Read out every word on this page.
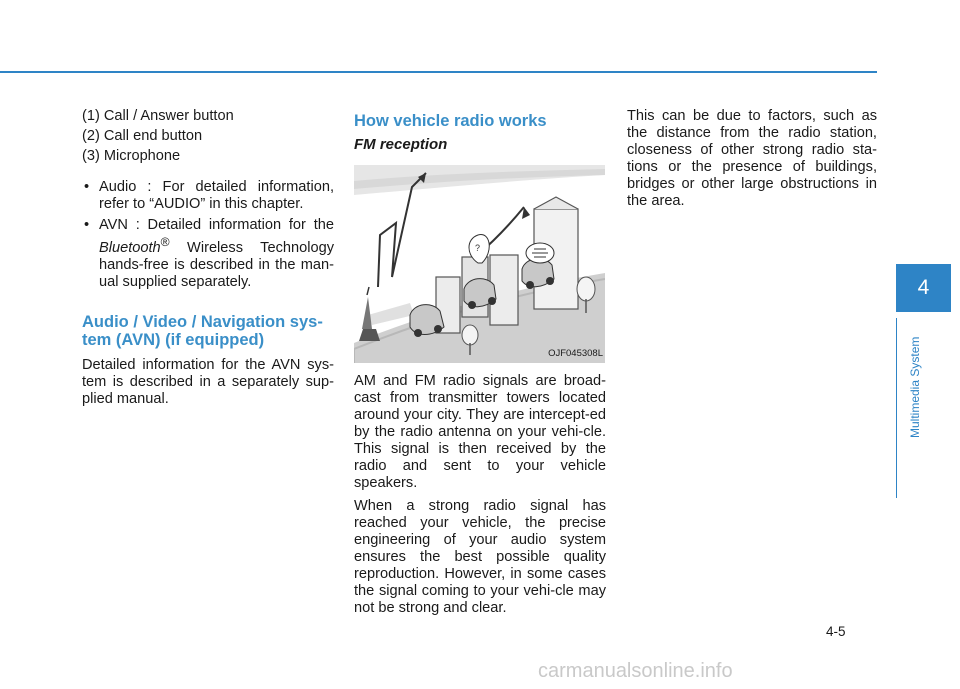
(1) Call / Answer button

(2) Call end button

(3) Microphone

• Audio : For detailed information, refer to “AUDIO” in this chapter.

• AVN : Detailed information for the Bluetooth® Wireless Technology hands-free is described in the man-ual supplied separately.

Audio / Video / Navigation sys-tem (AVN) (if equipped)

Detailed information for the AVN sys-tem is described in a separately sup-plied manual.

How vehicle radio works
FM reception
?
OJF045308L

AM and FM radio signals are broad-cast from transmitter towers located around your city. They are intercept-ed by the radio antenna on your vehi-cle. This signal is then received by the radio and sent to your vehicle speakers.

When a strong radio signal has reached your vehicle, the precise engineering of your audio system ensures the best possible quality reproduction. However, in some cases the signal coming to your vehi-cle may not be strong and clear.

This can be due to factors, such as the distance from the radio station, closeness of other strong radio sta-tions or the presence of buildings, bridges or other large obstructions in the area.

4
Multimedia System
4-5
carmanualsonline.info
